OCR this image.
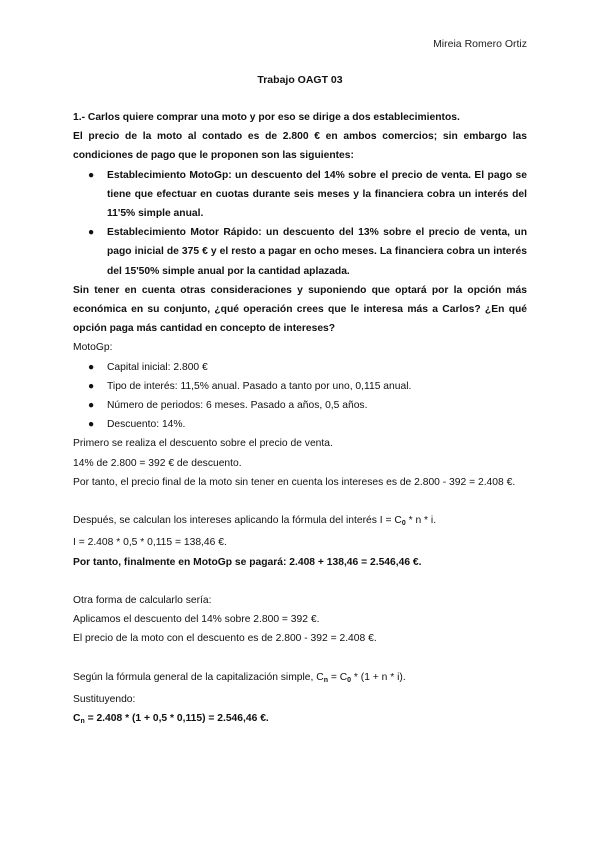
Mireia Romero Ortiz
Trabajo OAGT 03

1.- Carlos quiere comprar una moto y por eso se dirige a dos establecimientos.

El precio de la moto al contado es de 2.800 € en ambos comercios; sin embargo las condiciones de pago que le proponen son las siguientes:

● Establecimiento MotoGp: un descuento del 14% sobre el precio de venta. El pago se tiene que efectuar en cuotas durante seis meses y la financiera cobra un interés del 11'5% simple anual.
● Establecimiento Motor Rápido: un descuento del 13% sobre el precio de venta, un pago inicial de 375 € y el resto a pagar en ocho meses. La financiera cobra un interés del 15'50% simple anual por la cantidad aplazada.

Sin tener en cuenta otras consideraciones y suponiendo que optará por la opción más económica en su conjunto, ¿qué operación crees que le interesa más a Carlos? ¿En qué opción paga más cantidad en concepto de intereses?

MotoGp:

● Capital inicial: 2.800 €
● Tipo de interés: 11,5% anual. Pasado a tanto por uno, 0,115 anual.
● Número de periodos: 6 meses. Pasado a años, 0,5 años.
● Descuento: 14%.

Primero se realiza el descuento sobre el precio de venta.

14% de 2.800 = 392 € de descuento.

Por tanto, el precio final de la moto sin tener en cuenta los intereses es de 2.800 - 392 = 2.408 €.

Después, se calculan los intereses aplicando la fórmula del interés $I = C_0 * n * i$.

I = 2.408 * 0,5 * 0,115 = 138,46 €.

Por tanto, finalmente en MotoGp se pagará: 2.408 + 138,46 = 2.546,46 €.

Otra forma de calcularlo sería:

Aplicamos el descuento del 14% sobre 2.800 = 392 €.

El precio de la moto con el descuento es de 2.800 - 392 = 2.408 €.

Según la fórmula general de la capitalización simple, $C_n = C_0 * (1 + n * i)$.

Sustituyendo:

$C_n = 2.408 * (1 + 0,5 * 0,115) = 2.546,46$ €.
